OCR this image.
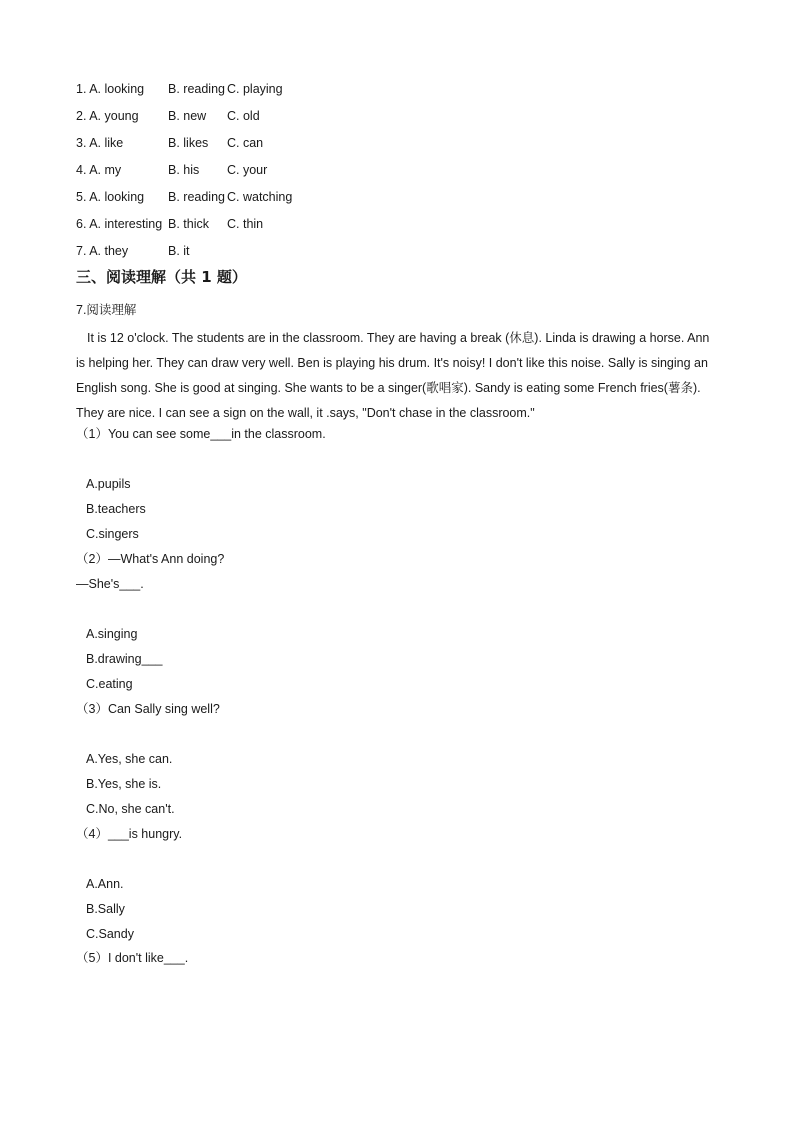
1. A. looking B. reading C. playing
2. A. young B. new C. old
3. A. like	B. likes C. can
4. A. my	B. his C. your
5. A. looking B. reading C. watching
6. A. interesting B. thick C. thin
7. A. they	B. it
三、阅读理解（共 1 题）
7.阅读理解

It is 12 o'clock. The students are in the classroom. They are having a break (休息). Linda is drawing a horse. Ann is helping her. They can draw very well. Ben is playing his drum. It's noisy! I don't like this noise. Sally is singing an English song. She is good at singing. She wants to be a singer(歌唱家). Sandy is eating some French fries(薯条). They are nice. I can see a sign on the wall, it .says, "Don't chase in the classroom."

（1）You can see some___in the classroom.
A.pupils
B.teachers
C.singers
（2）—What's Ann doing?
—She's___.
A.singing
B.drawing___
C.eating
（3）Can Sally sing well?
A.Yes, she can.
B.Yes, she is.
C.No, she can't.
（4）___is hungry.
A.Ann.
B.Sally
C.Sandy
（5）I don't like___.
